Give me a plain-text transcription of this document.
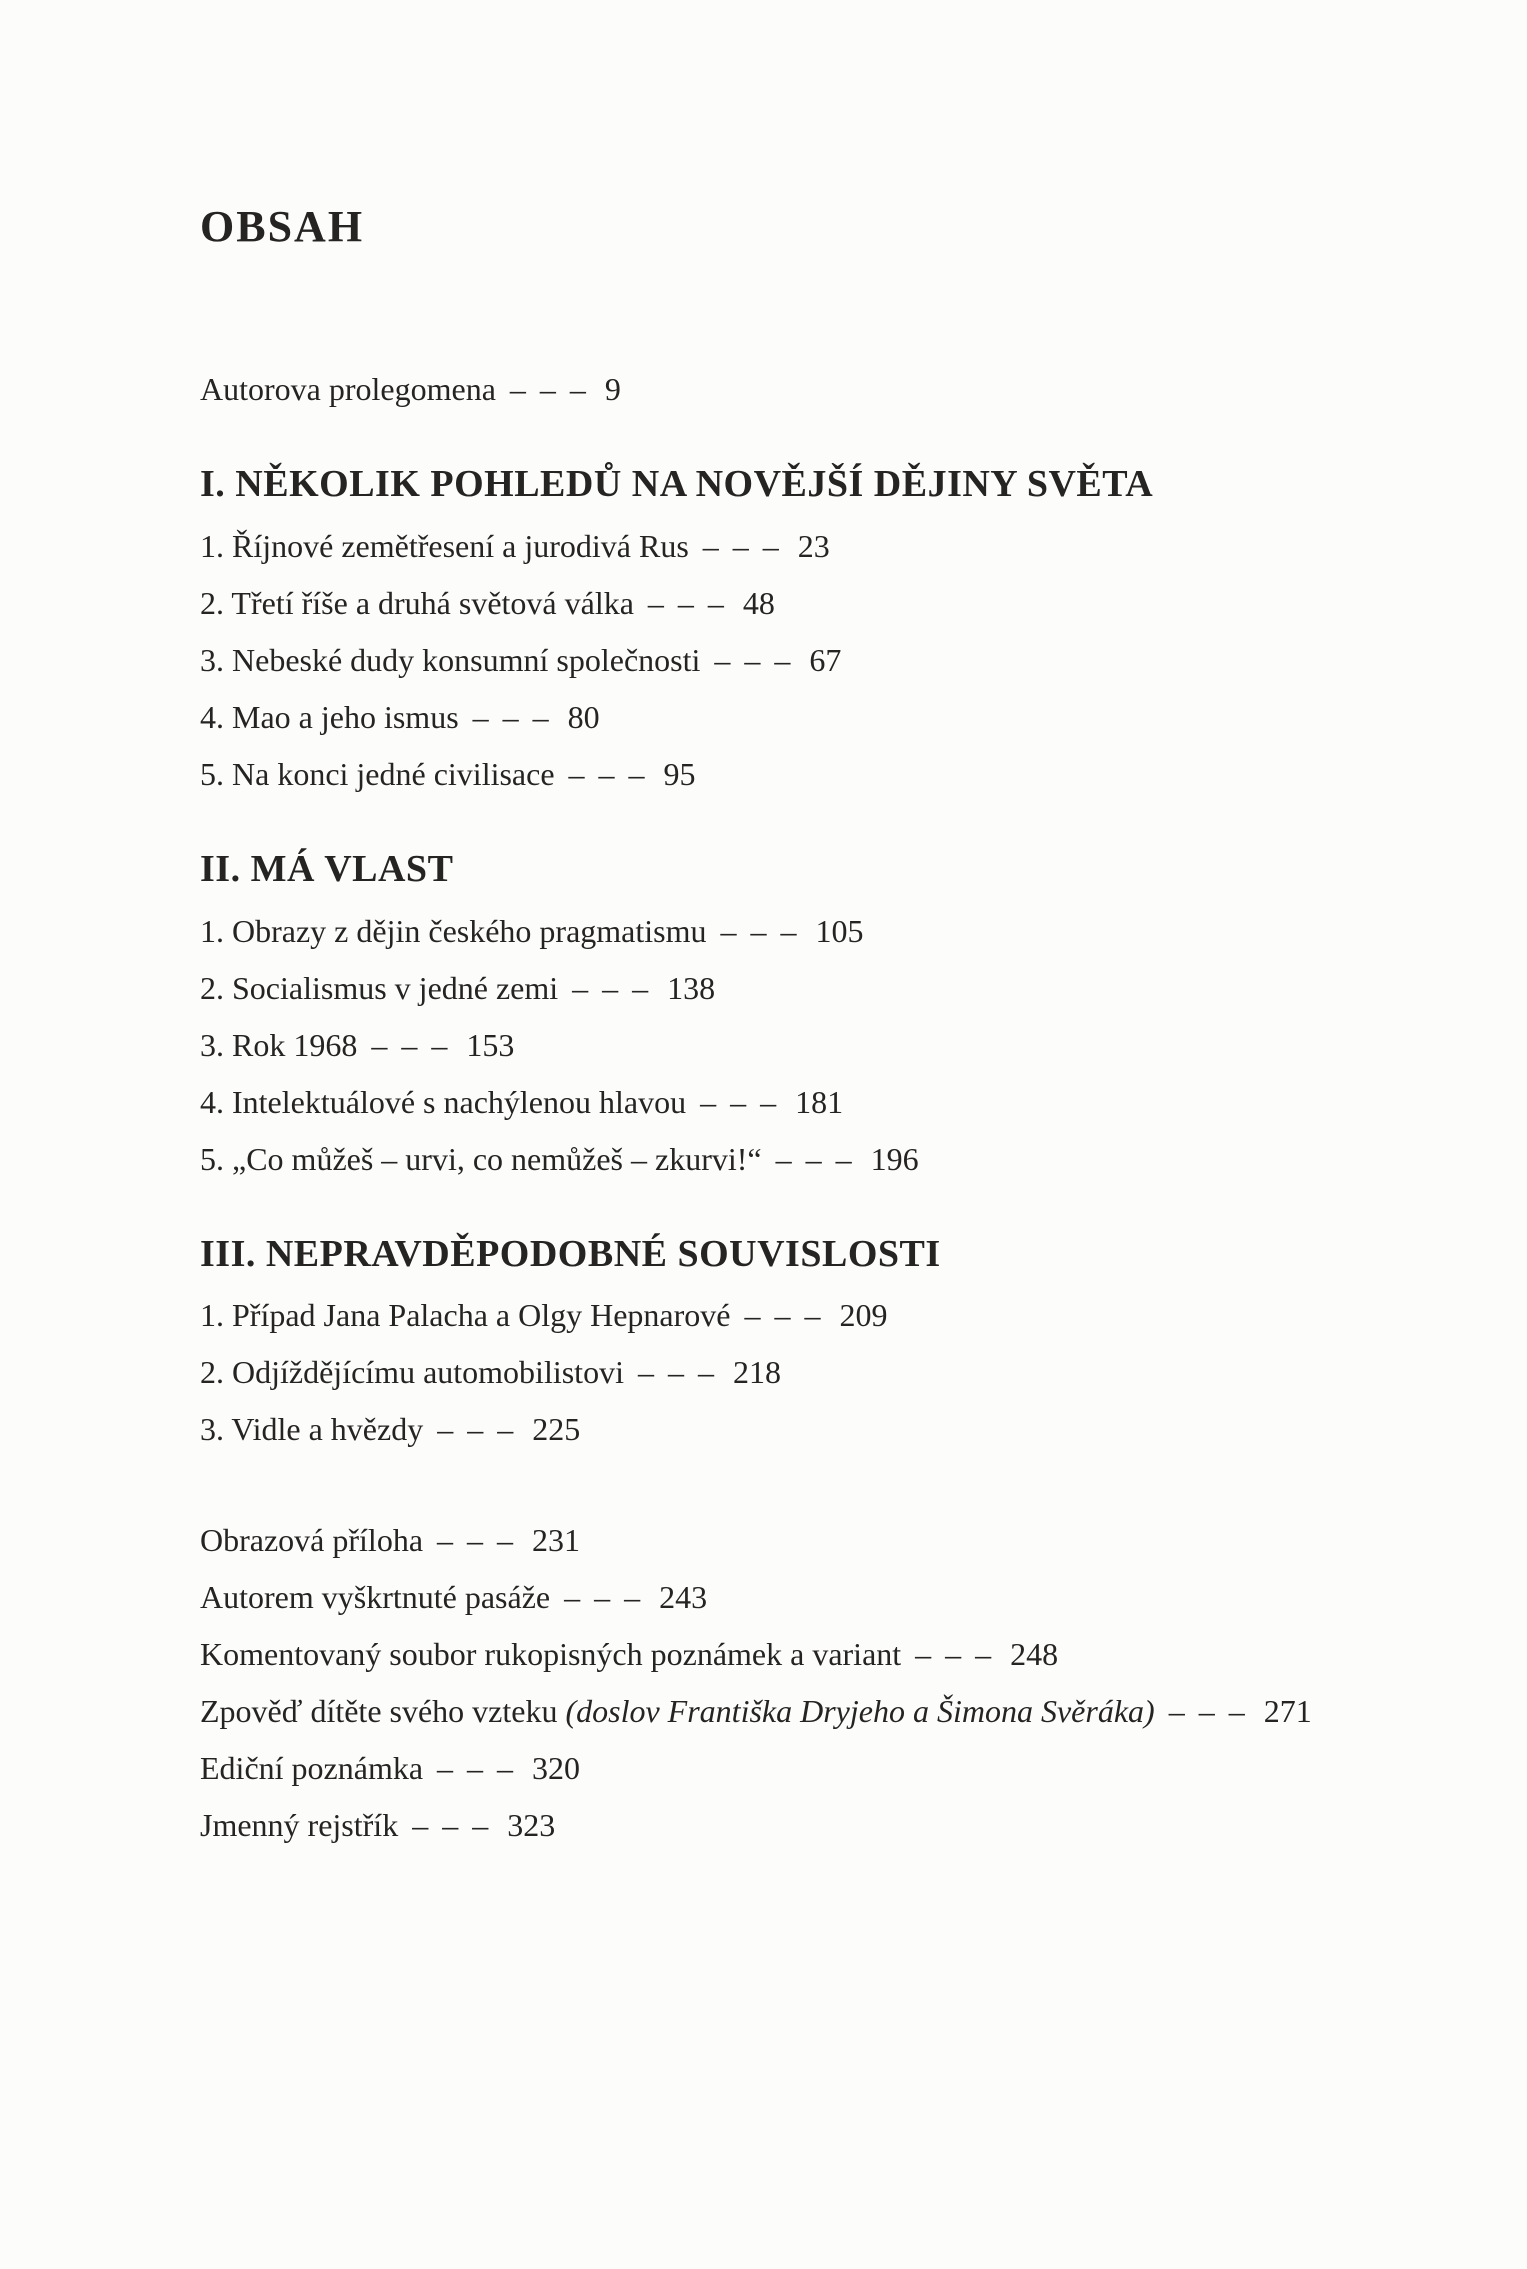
OBSAH
Autorova prolegomena – – – 9
I. NĚKOLIK POHLEDŮ NA NOVĚJŠÍ DĚJINY SVĚTA
1. Říjnové zemětřesení a jurodivá Rus – – – 23
2. Třetí říše a druhá světová válka – – – 48
3. Nebeské dudy konsumní společnosti – – – 67
4. Mao a jeho ismus – – – 80
5. Na konci jedné civilisace – – – 95
II. MÁ VLAST
1. Obrazy z dějin českého pragmatismu – – – 105
2. Socialismus v jedné zemi – – – 138
3. Rok 1968 – – – 153
4. Intelektuálové s nachýlenou hlavou – – – 181
5. „Co můžeš – urvi, co nemůžeš – zkurvi!“ – – – 196
III. NEPRAVDĚPODOBNÉ SOUVISLOSTI
1. Případ Jana Palacha a Olgy Hepnarové – – – 209
2. Odjíždějícímu automobilistovi – – – 218
3. Vidle a hvězdy – – – 225
Obrazová příloha – – – 231
Autorem vyškrtnuté pasáže – – – 243
Komentovaný soubor rukopisných poznámek a variant – – – 248
Zpověď dítěte svého vzteku (doslov Františka Dryjeho a Šimona Svěráka) – – – 271
Ediční poznámka – – – 320
Jmenný rejstřík – – – 323
